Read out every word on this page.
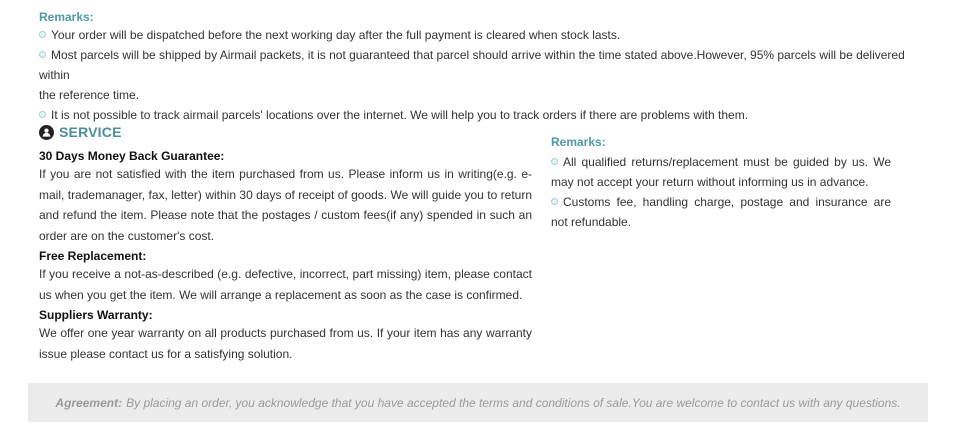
Remarks:
Your order will be dispatched before the next working day after the full payment is cleared when stock lasts.
Most parcels will be shipped by Airmail packets, it is not guaranteed that parcel should arrive within the time stated above.However, 95% parcels will be delivered within
the reference time.
It is not possible to track airmail parcels' locations over the internet. We will help you to track orders if there are problems with them.
SERVICE
30 Days Money Back Guarantee:
If you are not satisfied with the item purchased from us. Please inform us in writing(e.g. e-mail, trademanager, fax, letter) within 30 days of receipt of goods. We will guide you to return and refund the item. Please note that the postages / custom fees(if any) spended in such an order are on the customer's cost.
Free Replacement:
If you receive a not-as-described (e.g. defective, incorrect, part missing) item, please contact us when you get the item. We will arrange a replacement as soon as the case is confirmed.
Suppliers Warranty:
We offer one year warranty on all products purchased from us. If your item has any warranty issue please contact us for a satisfying solution.
Remarks:
All qualified returns/replacement must be guided by us. We may not accept your return without informing us in advance.
Customs fee, handling charge, postage and insurance are not refundable.
Agreement: By placing an order, you acknowledge that you have accepted the terms and conditions of sale.You are welcome to contact us with any questions.
